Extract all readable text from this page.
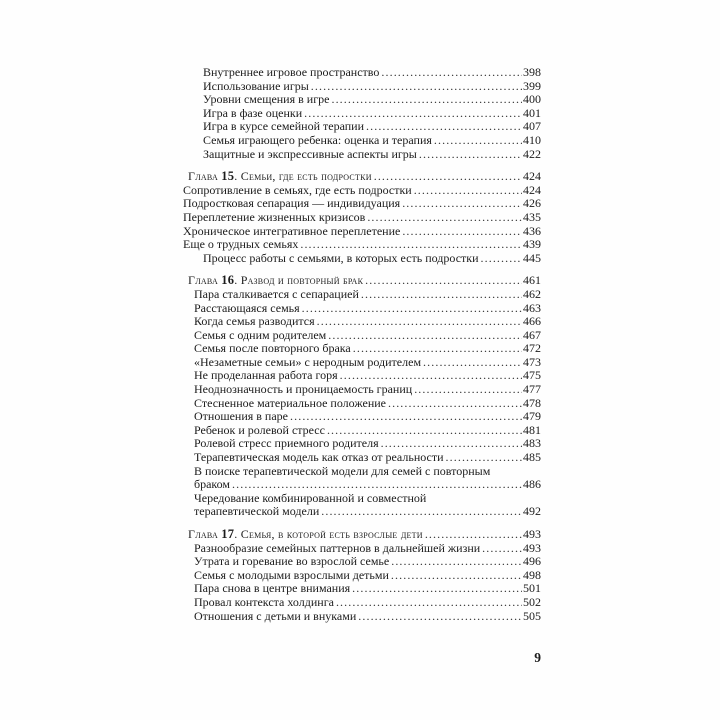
Внутреннее игровое пространство .....	398
Использование игры .....	399
Уровни смещения в игре .....	400
Игра в фазе оценки .....	401
Игра в курсе семейной терапии .....	407
Семья играющего ребенка: оценка и терапия .....	410
Защитные и экспрессивные аспекты игры .....	422
Глава 15. Семьи, где есть подростки .....	424
Сопротивление в семьях, где есть подростки .....	424
Подростковая сепарация — индивидуация .....	426
Переплетение жизненных кризисов .....	435
Хроническое интегративное переплетение .....	436
Еще о трудных семьях .....	439
Процесс работы с семьями, в которых есть подростки .....	445
Глава 16. Развод и повторный брак .....	461
Пара сталкивается с сепарацией .....	462
Расстающаяся семья .....	463
Когда семья разводится .....	466
Семья с одним родителем .....	467
Семья после повторного брака .....	472
«Незаметные семьи» с неродным родителем .....	473
Не проделанная работа горя .....	475
Неоднозначность и проницаемость границ .....	477
Стесненное материальное положение .....	478
Отношения в паре .....	479
Ребенок и ролевой стресс .....	481
Ролевой стресс приемного родителя .....	483
Терапевтическая модель как отказ от реальности .....	485
В поиске терапевтической модели для семей с повторным
браком .....	486
Чередование комбинированной и совместной
терапевтической модели .....	492
Глава 17. Семья, в которой есть взрослые дети .....	493
Разнообразие семейных паттернов в дальнейшей жизни .....	493
Утрата и горевание во взрослой семье .....	496
Семья с молодыми взрослыми детьми .....	498
Пара снова в центре внимания .....	501
Провал контекста холдинга .....	502
Отношения с детьми и внуками .....	505
9
